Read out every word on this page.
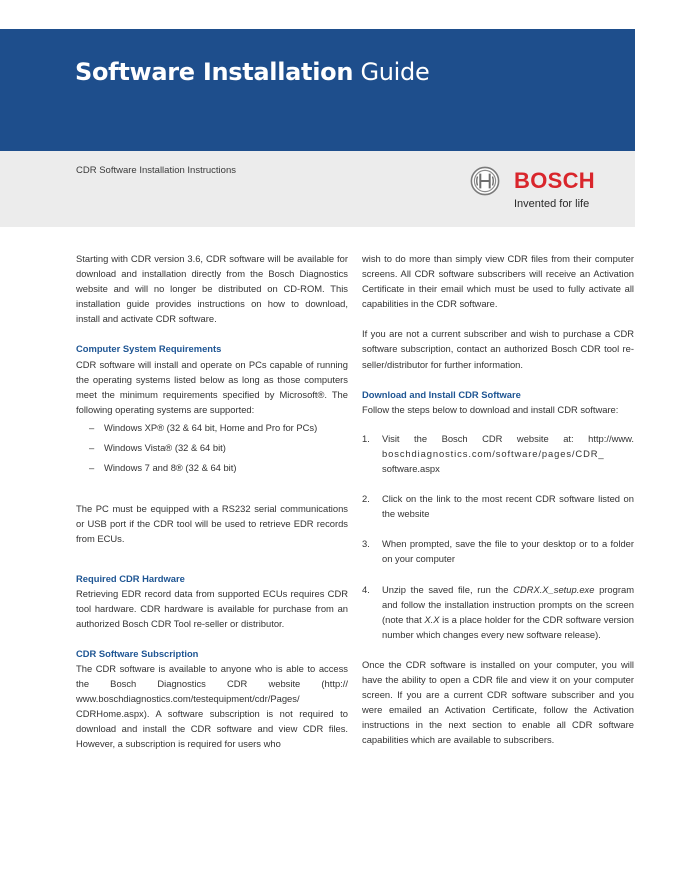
Software Installation Guide
CDR Software Installation Instructions	BOSCH
Invented for life

Starting with CDR version 3.6, CDR software will be available for download and installation directly from the Bosch Diagnostics website and will no longer be distributed on CD-ROM. This installation guide provides instructions on how to download, install and activate CDR software.

Computer System Requirements

CDR software will install and operate on PCs capable of running the operating systems listed below as long as those computers meet the minimum requirements specified by Microsoft®. The following operating systems are supported:

– Windows XP® (32 & 64 bit, Home and Pro for PCs)
– Windows Vista® (32 & 64 bit)
– Windows 7 and 8® (32 & 64 bit)

The PC must be equipped with a RS232 serial communications or USB port if the CDR tool will be used to retrieve EDR records from ECUs.

Required CDR Hardware

Retrieving EDR record data from supported ECUs requires CDR tool hardware. CDR hardware is available for purchase from an authorized Bosch CDR Tool re-seller or distributor.

CDR Software Subscription

The CDR software is available to anyone who is able to access the Bosch Diagnostics CDR website (http:// www.boschdiagnostics.com/testequipment/cdr/Pages/ CDRHome.aspx). A software subscription is not required to download and install the CDR software and view CDR files. However, a subscription is required for users who

wish to do more than simply view CDR files from their computer screens. All CDR software subscribers will receive an Activation Certificate in their email which must be used to fully activate all capabilities in the CDR software.

If you are not a current subscriber and wish to purchase a CDR software subscription, contact an authorized Bosch CDR tool re-seller/distributor for further information.

Download and Install CDR Software

Follow the steps below to download and install CDR software:

1. Visit the Bosch CDR website at: http://www. boschdiagnostics.com/software/pages/CDR_ software.aspx
2. Click on the link to the most recent CDR software listed on the website
3. When prompted, save the file to your desktop or to a folder on your computer
4. Unzip the saved file, run the CDRX.X_setup.exe program and follow the installation instruction prompts on the screen (note that X.X is a place holder for the CDR software version number which changes every new software release).

Once the CDR software is installed on your computer, you will have the ability to open a CDR file and view it on your computer screen. If you are a current CDR software subscriber and you were emailed an Activation Certificate, follow the Activation instructions in the next section to enable all CDR software capabilities which are available to subscribers.
